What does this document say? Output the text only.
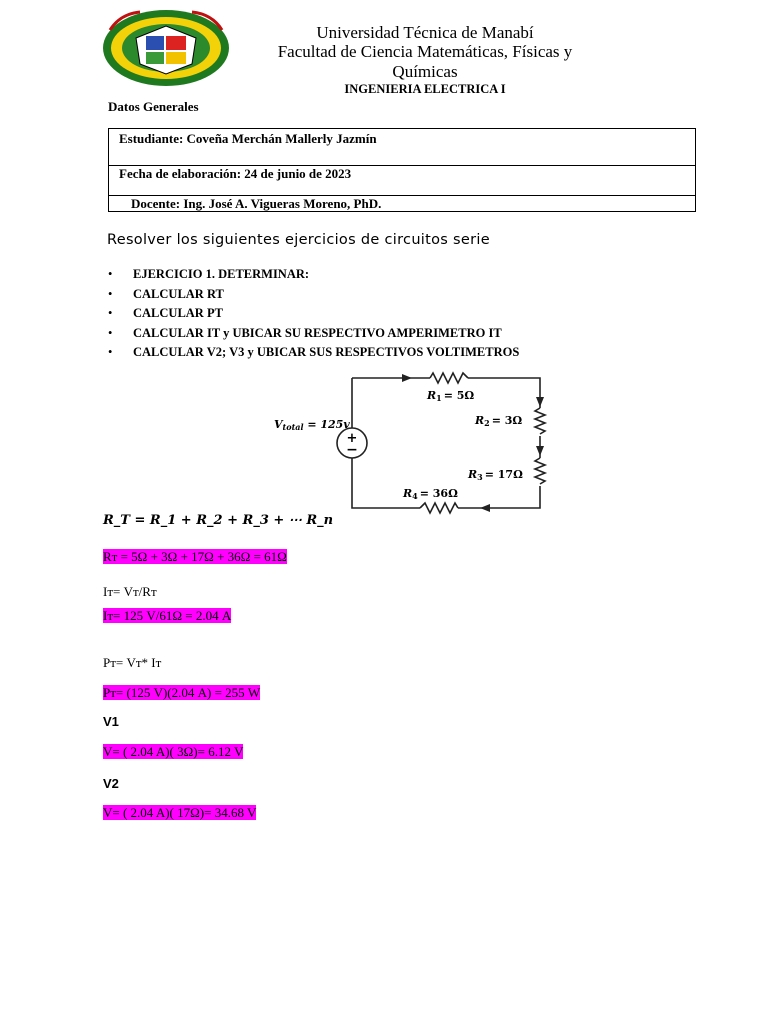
Universidad Técnica de Manabí
Facultad de Ciencia Matemáticas, Físicas y
Químicas
INGENIERIA ELECTRICA I
Datos Generales
Estudiante: Coveña Merchán Mallerly Jazmín
Fecha de elaboración: 24 de junio de 2023
Docente: Ing. José A. Vigueras Moreno, PhD.
Resolver los siguientes ejercicios de circuitos serie
• EJERCICIO 1. DETERMINAR:
• CALCULAR RT
• CALCULAR PT
• CALCULAR IT y UBICAR SU RESPECTIVO AMPERIMETRO IT
• CALCULAR V2; V3 y UBICAR SUS RESPECTIVOS VOLTIMETROS
+
−
Vtotal = 125v
R1 = 5Ω
R2 = 3Ω
R3 = 17Ω
R4 = 36Ω
R_T = R_1 + R_2 + R_3 + ⋯ R_n
Rт = 5Ω + 3Ω + 17Ω + 36Ω = 61Ω
Iт= Vт/Rт
Iт= 125 V/61Ω = 2.04 A
Pт= Vт* Iт
Pт= (125 V)(2.04 A) = 255 W
V1
V= ( 2.04 A)( 3Ω)= 6.12 V
V2
V= ( 2.04 A)( 17Ω)= 34.68 V
